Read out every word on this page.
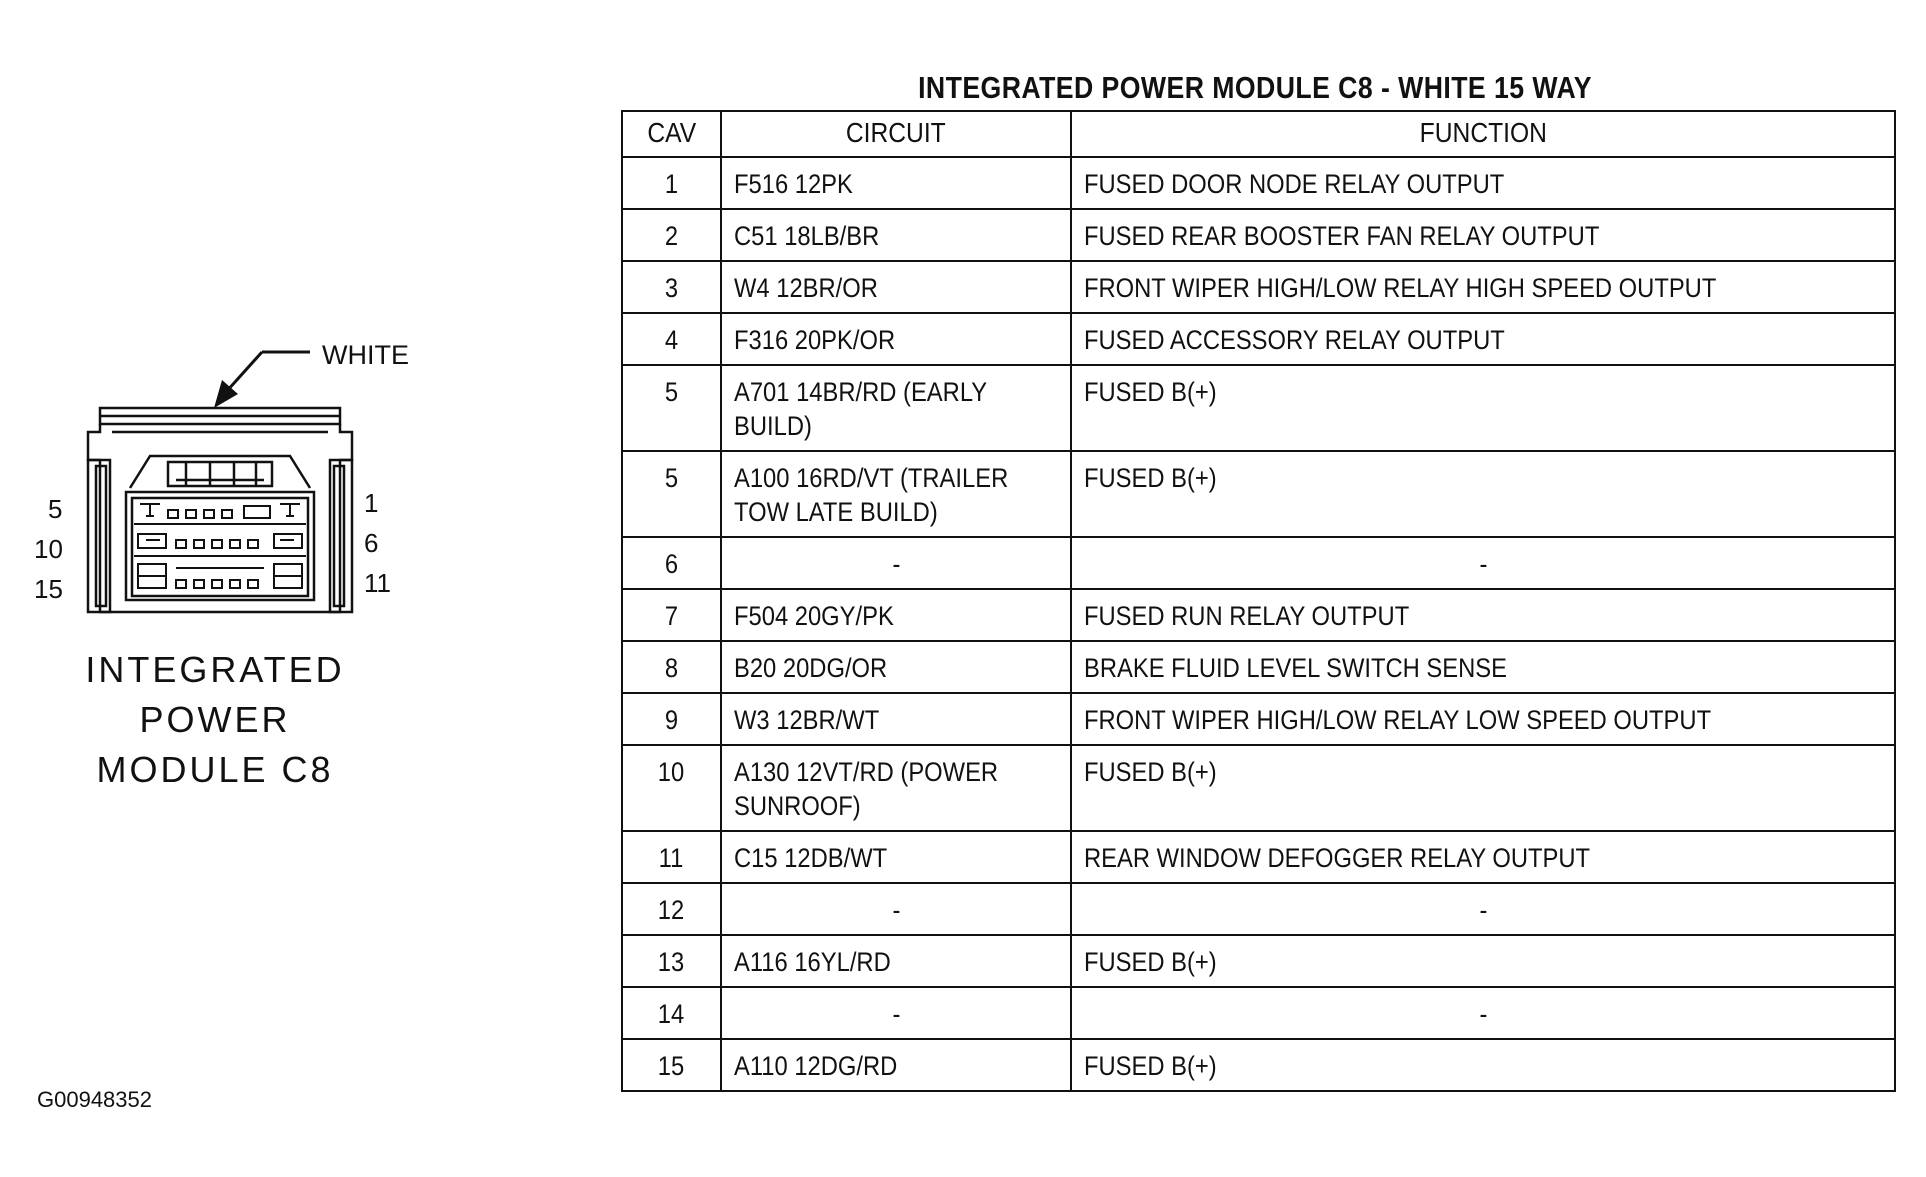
WHITE
5
10
15
1
6
11
INTEGRATED
POWER
MODULE C8
G00948352
INTEGRATED POWER MODULE C8 - WHITE 15 WAY
CAV	CIRCUIT	FUNCTION
1	F516 12PK	FUSED DOOR NODE RELAY OUTPUT
2	C51 18LB/BR	FUSED REAR BOOSTER FAN RELAY OUTPUT
3	W4 12BR/OR	FRONT WIPER HIGH/LOW RELAY HIGH SPEED OUTPUT
4	F316 20PK/OR	FUSED ACCESSORY RELAY OUTPUT
5	A701 14BR/RD (EARLY BUILD)	FUSED B(+)
5	A100 16RD/VT (TRAILER TOW LATE BUILD)	FUSED B(+)
6	-	-
7	F504 20GY/PK	FUSED RUN RELAY OUTPUT
8	B20 20DG/OR	BRAKE FLUID LEVEL SWITCH SENSE
9	W3 12BR/WT	FRONT WIPER HIGH/LOW RELAY LOW SPEED OUTPUT
10	A130 12VT/RD (POWER SUNROOF)	FUSED B(+)
11	C15 12DB/WT	REAR WINDOW DEFOGGER RELAY OUTPUT
12	-	-
13	A116 16YL/RD	FUSED B(+)
14	-	-
15	A110 12DG/RD	FUSED B(+)
